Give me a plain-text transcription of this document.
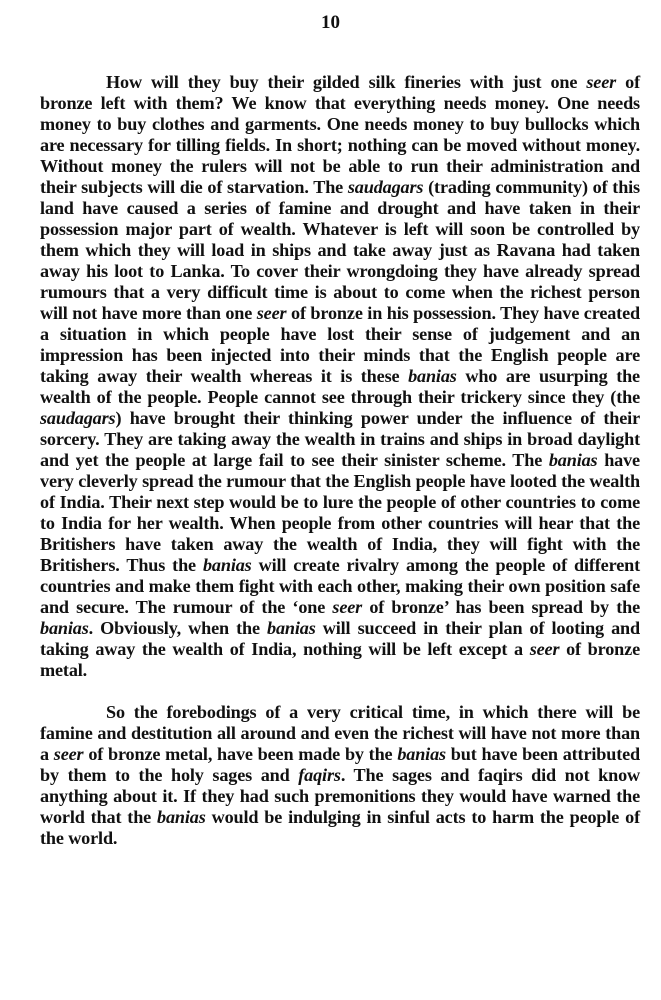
10

How will they buy their gilded silk fineries with just one seer of bronze left with them? We know that everything needs money. One needs money to buy clothes and garments. One needs money to buy bullocks which are necessary for tilling fields. In short; nothing can be moved without money. Without money the rulers will not be able to run their administration and their subjects will die of starvation. The saudagars (trading community) of this land have caused a series of famine and drought and have taken in their possession major part of wealth. Whatever is left will soon be controlled by them which they will load in ships and take away just as Ravana had taken away his loot to Lanka. To cover their wrongdoing they have already spread rumours that a very difficult time is about to come when the richest person will not have more than one seer of bronze in his possession. They have created a situation in which people have lost their sense of judgement and an impression has been injected into their minds that the English people are taking away their wealth whereas it is these banias who are usurping the wealth of the people. People cannot see through their trickery since they (the saudagars) have brought their thinking power under the influence of their sorcery. They are taking away the wealth in trains and ships in broad daylight and yet the people at large fail to see their sinister scheme. The banias have very cleverly spread the rumour that the English people have looted the wealth of India. Their next step would be to lure the people of other countries to come to India for her wealth. When people from other countries will hear that the Britishers have taken away the wealth of India, they will fight with the Britishers. Thus the banias will create rivalry among the people of different countries and make them fight with each other, making their own position safe and secure. The rumour of the ‘one seer of bronze’ has been spread by the banias. Obviously, when the banias will succeed in their plan of looting and taking away the wealth of India, nothing will be left except a seer of bronze metal.

So the forebodings of a very critical time, in which there will be famine and destitution all around and even the richest will have not more than a seer of bronze metal, have been made by the banias but have been attributed by them to the holy sages and faqirs. The sages and faqirs did not know anything about it. If they had such premonitions they would have warned the world that the banias would be indulging in sinful acts to harm the people of the world.
